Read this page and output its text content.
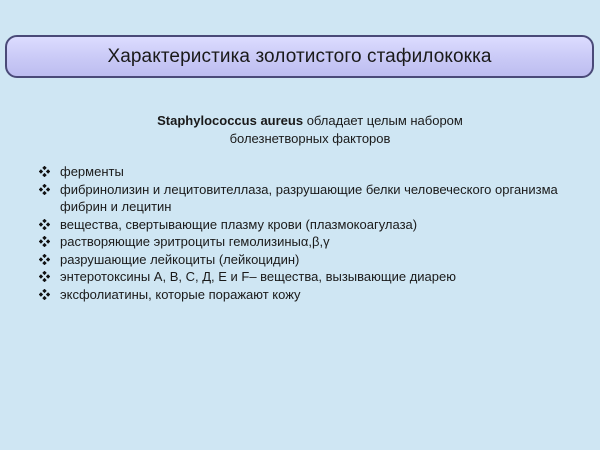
Характеристика золотистого стафилококка
Staphylococcus aureus обладает целым набором
болезнетворных факторов
ферменты
фибринолизин и лецитовителлаза, разрушающие белки человеческого организма фибрин и лецитин
вещества, свертывающие плазму крови (плазмокоагулаза)
растворяющие эритроциты гемолизиныα,β,γ
разрушающие лейкоциты (лейкоцидин)
энтеротоксины А, В, С, Д, Е и F– вещества, вызывающие диарею
эксфолиатины, которые поражают кожу
